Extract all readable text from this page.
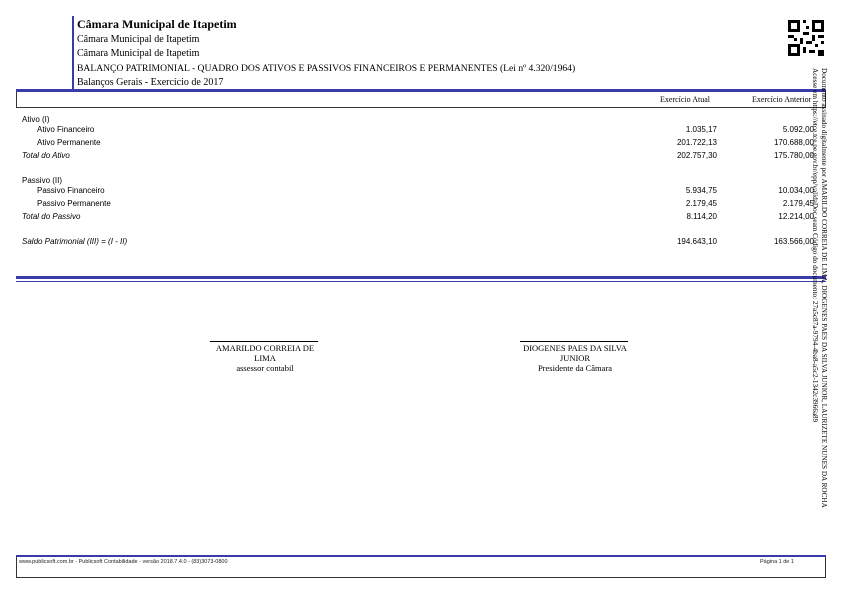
Câmara Municipal de Itapetim
Câmara Municipal de Itapetim
Câmara Municipal de Itapetim
BALANÇO PATRIMONIAL - QUADRO DOS ATIVOS E PASSIVOS FINANCEIROS E PERMANENTES (Lei nº 4.320/1964)
Balanços Gerais - Exercício de 2017
Exercício Atual	Exercício Anterior
Ativo (I)
Ativo Financeiro	1.035,17	5.092,00
Ativo Permanente	201.722,13	170.688,00
Total do Ativo	202.757,30	175.780,00
Passivo (II)
Passivo Financeiro	5.934,75	10.034,00
Passivo Permanente	2.179,45	2.179,45
Total do Passivo	8.114,20	12.214,00
Saldo Patrimonial (III) = (I - II)	194.643,10	163.566,00
AMARILDO CORREIA DE
LIMA
assessor contabil
DIOGENES PAES DA SILVA
JUNIOR
Presidente da Câmara	Documento assinado digitalmente por AMARILDO CORREIA DE LIMA, DIOGENES PAES DA SILVA JUNIOR, LAURIZETE NUNES DA ROCHA
Acesse em https://etce.tce.pe.gov.br/epp/validaDoc.seam Código do documento: 27a5c87a-9794-4ba8-a5c2-1342c3966a89
www.publicsoft.com.br - Publicsoft Contabilidade - versão 2018.7.4.0 - (83)3073-0800	Página 1 de 1
